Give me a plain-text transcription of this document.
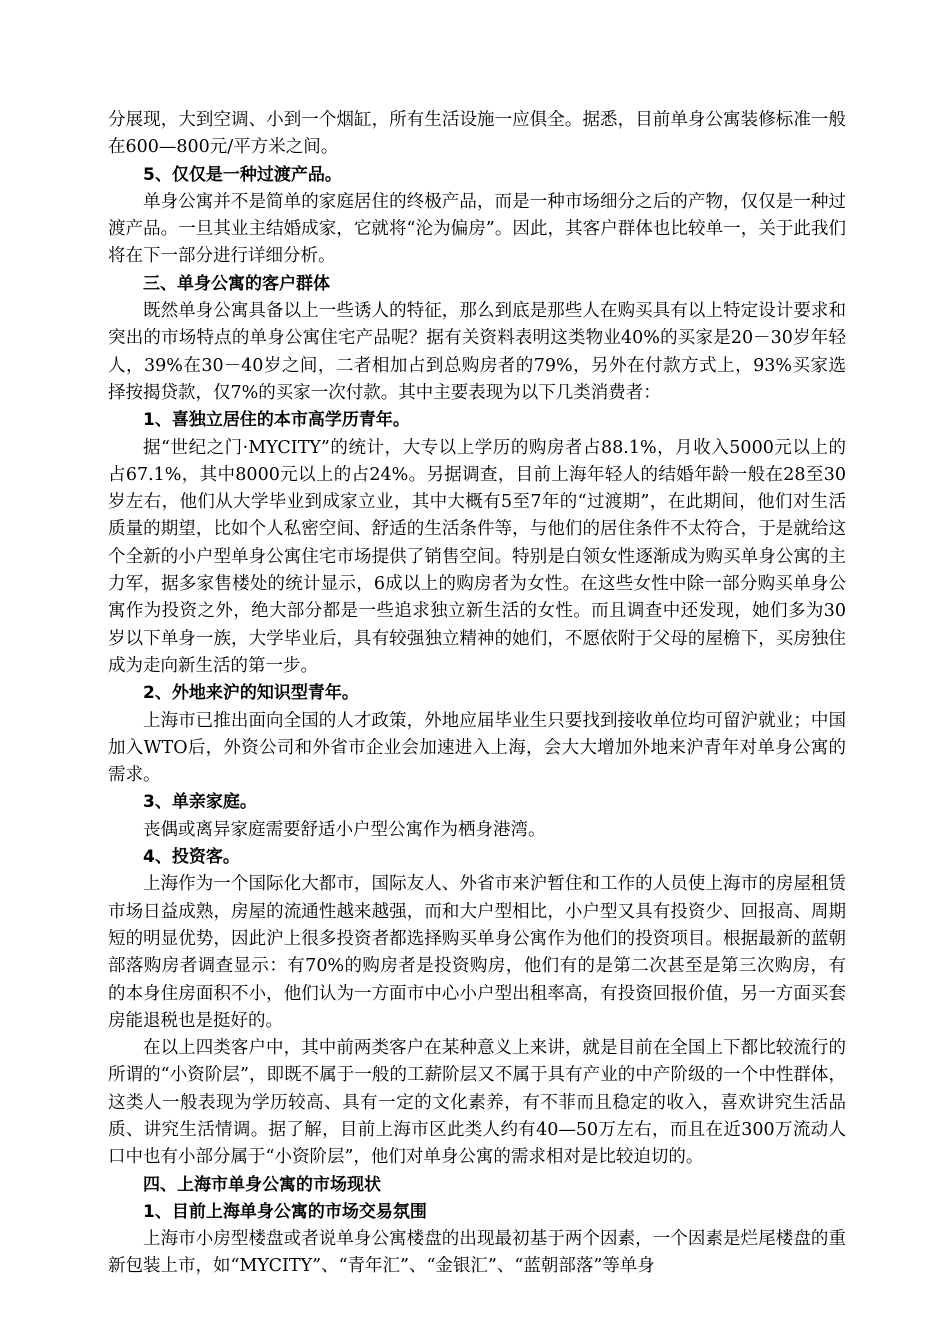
分展现，大到空调、小到一个烟缸，所有生活设施一应俱全。据悉，目前单身公寓装修标准一般在600—800元/平方米之间。

5、仅仅是一种过渡产品。

单身公寓并不是简单的家庭居住的终极产品，而是一种市场细分之后的产物，仅仅是一种过渡产品。一旦其业主结婚成家，它就将“沦为偏房”。因此，其客户群体也比较单一，关于此我们将在下一部分进行详细分析。

三、单身公寓的客户群体

既然单身公寓具备以上一些诱人的特征，那么到底是那些人在购买具有以上特定设计要求和突出的市场特点的单身公寓住宅产品呢？据有关资料表明这类物业40%的买家是20－30岁年轻人，39%在30－40岁之间，二者相加占到总购房者的79%，另外在付款方式上，93%买家选择按揭贷款，仅7%的买家一次付款。其中主要表现为以下几类消费者：

1、喜独立居住的本市高学历青年。

据“世纪之门·MYCITY”的统计，大专以上学历的购房者占88.1%，月收入5000元以上的占67.1%，其中8000元以上的占24%。另据调查，目前上海年轻人的结婚年龄一般在28至30岁左右，他们从大学毕业到成家立业，其中大概有5至7年的“过渡期”，在此期间，他们对生活质量的期望，比如个人私密空间、舒适的生活条件等，与他们的居住条件不太符合，于是就给这个全新的小户型单身公寓住宅市场提供了销售空间。特别是白领女性逐渐成为购买单身公寓的主力军，据多家售楼处的统计显示，6成以上的购房者为女性。在这些女性中除一部分购买单身公寓作为投资之外，绝大部分都是一些追求独立新生活的女性。而且调查中还发现，她们多为30岁以下单身一族，大学毕业后，具有较强独立精神的她们，不愿依附于父母的屋檐下，买房独住成为走向新生活的第一步。

2、外地来沪的知识型青年。

上海市已推出面向全国的人才政策，外地应届毕业生只要找到接收单位均可留沪就业；中国加入WTO后，外资公司和外省市企业会加速进入上海，会大大增加外地来沪青年对单身公寓的需求。

3、单亲家庭。

丧偶或离异家庭需要舒适小户型公寓作为栖身港湾。

4、投资客。

上海作为一个国际化大都市，国际友人、外省市来沪暂住和工作的人员使上海市的房屋租赁市场日益成熟，房屋的流通性越来越强，而和大户型相比，小户型又具有投资少、回报高、周期短的明显优势，因此沪上很多投资者都选择购买单身公寓作为他们的投资项目。根据最新的蓝朝部落购房者调查显示：有70%的购房者是投资购房，他们有的是第二次甚至是第三次购房，有的本身住房面积不小，他们认为一方面市中心小户型出租率高，有投资回报价值，另一方面买套房能退税也是挺好的。

在以上四类客户中，其中前两类客户在某种意义上来讲，就是目前在全国上下都比较流行的所谓的“小资阶层”，即既不属于一般的工薪阶层又不属于具有产业的中产阶级的一个中性群体，这类人一般表现为学历较高、具有一定的文化素养，有不菲而且稳定的收入，喜欢讲究生活品质、讲究生活情调。据了解，目前上海市区此类人约有40—50万左右，而且在近300万流动人口中也有小部分属于“小资阶层”，他们对单身公寓的需求相对是比较迫切的。

四、上海市单身公寓的市场现状

1、目前上海单身公寓的市场交易氛围

上海市小房型楼盘或者说单身公寓楼盘的出现最初基于两个因素，一个因素是烂尾楼盘的重新包装上市，如“MYCITY”、“青年汇”、“金银汇”、“蓝朝部落”等单身
